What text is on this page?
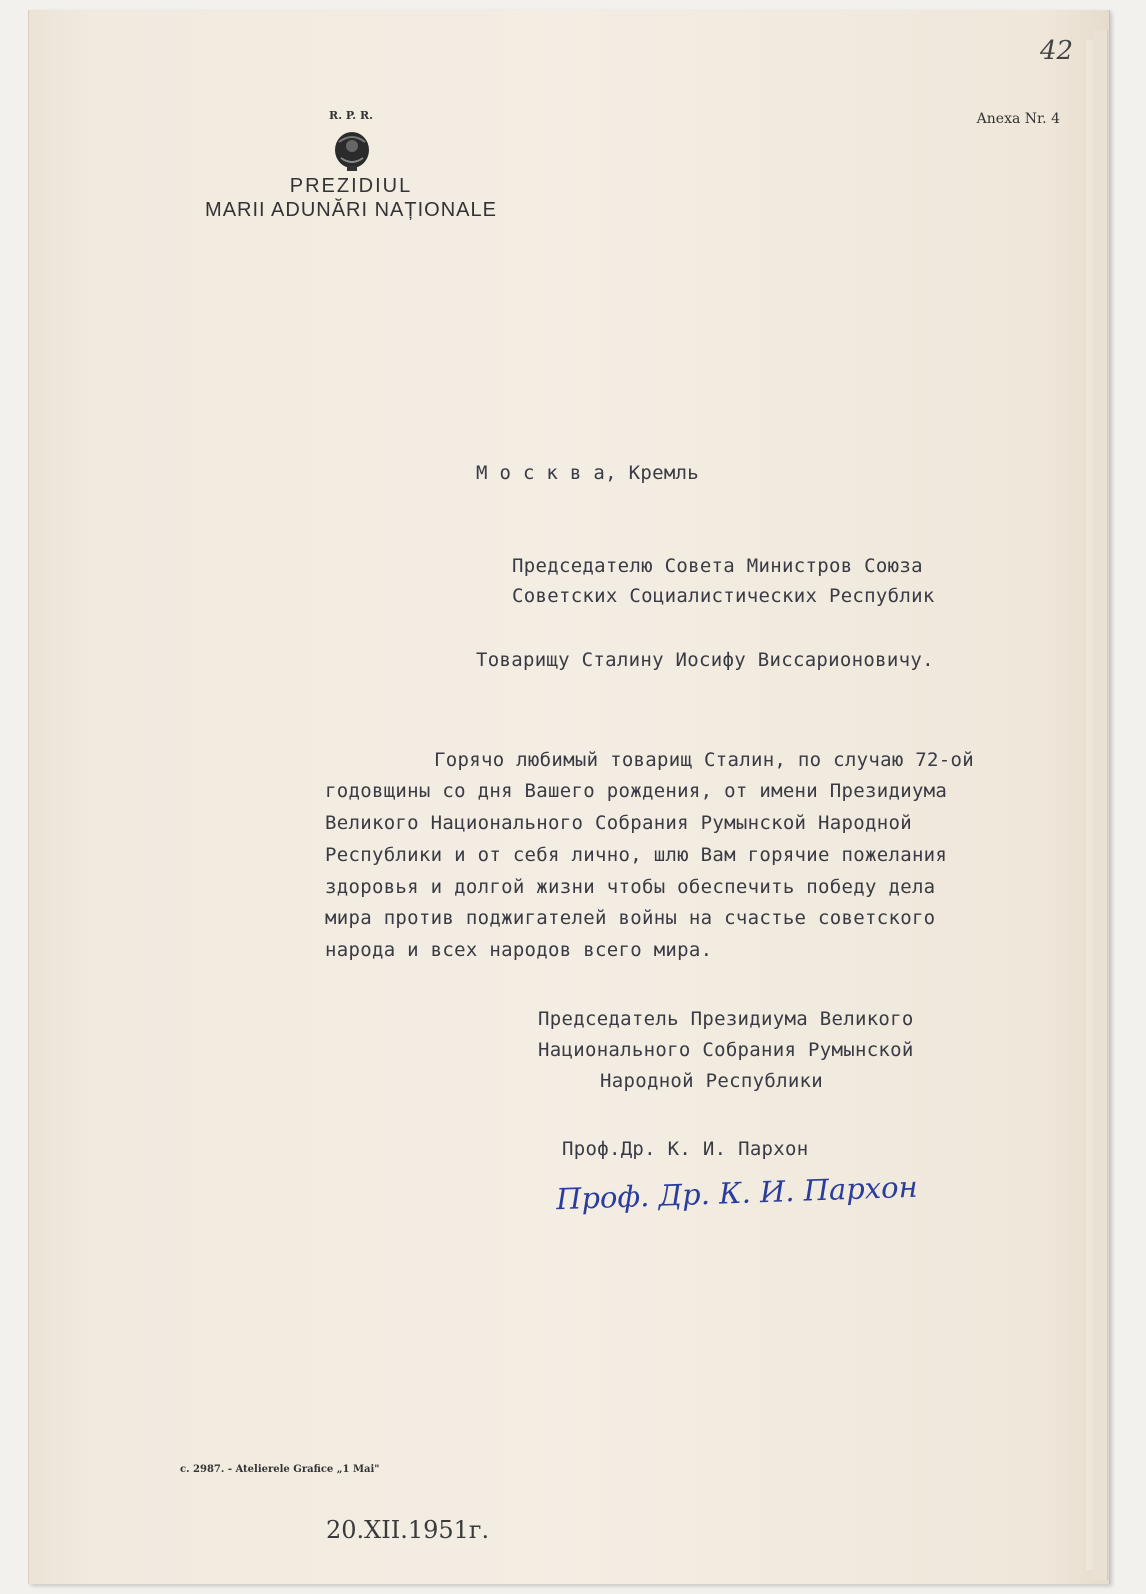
42
R. P. R.
PREZIDIUL
MARII ADUNĂRI NAȚIONALE
Anexa Nr. 4
М о с к в а, Кремль
Председателю Совета Министров Союза
Советских Социалистических Республик
Товарищу Сталину Иосифу Виссарионовичу.
Горячо любимый товарищ Сталин, по случаю 72-ой
годовщины со дня Вашего рождения, от имени Президиума
Великого Национального Собрания Румынской Народной
Республики и от себя лично, шлю Вам горячие пожелания
здоровья и долгой жизни чтобы обеспечить победу дела
мира против поджигателей войны на счастье советского
народа и всех народов всего мира.
Председатель Президиума Великого
Национального Собрания Румынской
Народной Республики
Проф.Др. К. И. Пархон
Проф. Др. К. И. Пархон
c. 2987. - Atelierele Grafice „1 Mai"
20.XII.1951г.
